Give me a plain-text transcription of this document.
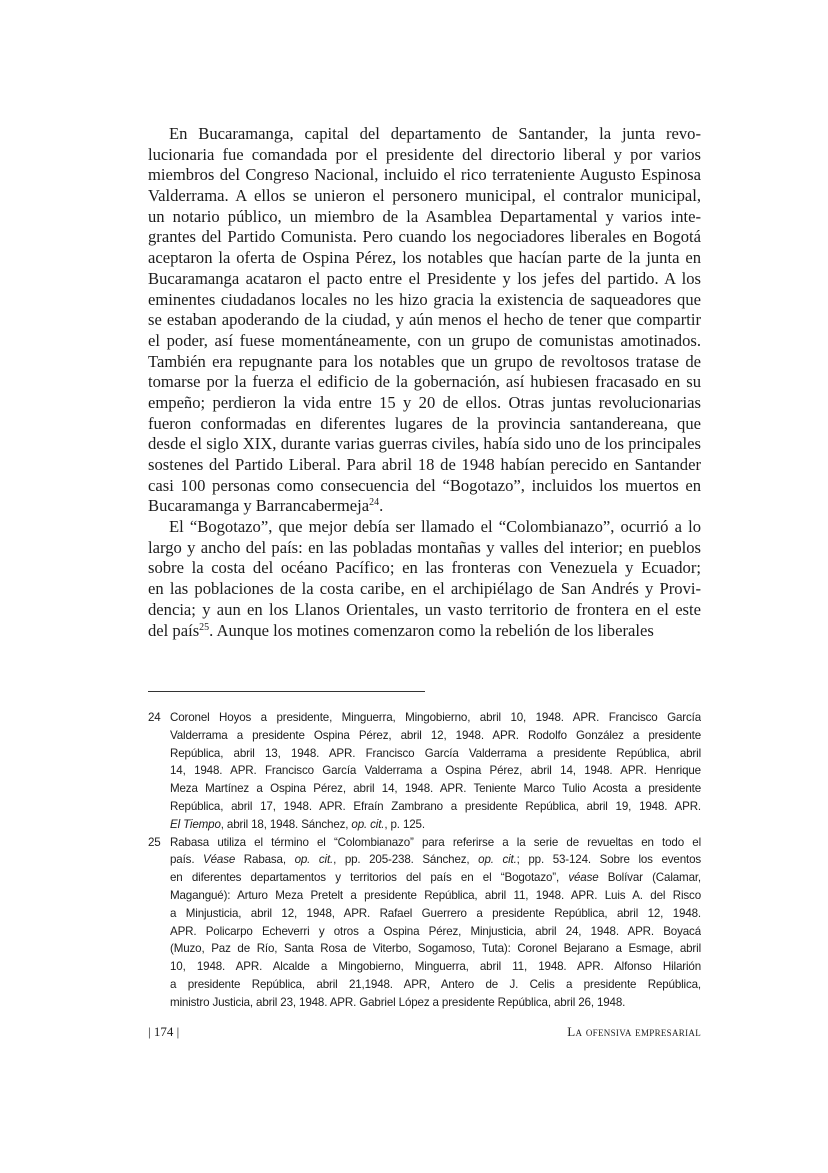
En Bucaramanga, capital del departamento de Santander, la junta revo-
lucionaria fue comandada por el presidente del directorio liberal y por varios
miembros del Congreso Nacional, incluido el rico terrateniente Augusto Espinosa
Valderrama. A ellos se unieron el personero municipal, el contralor municipal,
un notario público, un miembro de la Asamblea Departamental y varios inte-
grantes del Partido Comunista. Pero cuando los negociadores liberales en Bogotá
aceptaron la oferta de Ospina Pérez, los notables que hacían parte de la junta en
Bucaramanga acataron el pacto entre el Presidente y los jefes del partido. A los
eminentes ciudadanos locales no les hizo gracia la existencia de saqueadores que
se estaban apoderando de la ciudad, y aún menos el hecho de tener que compartir
el poder, así fuese momentáneamente, con un grupo de comunistas amotinados.
También era repugnante para los notables que un grupo de revoltosos tratase de
tomarse por la fuerza el edificio de la gobernación, así hubiesen fracasado en su
empeño; perdieron la vida entre 15 y 20 de ellos. Otras juntas revolucionarias
fueron conformadas en diferentes lugares de la provincia santandereana, que
desde el siglo XIX, durante varias guerras civiles, había sido uno de los principales
sostenes del Partido Liberal. Para abril 18 de 1948 habían perecido en Santander
casi 100 personas como consecuencia del “Bogotazo”, incluidos los muertos en
Bucaramanga y Barrancabermeja$^{24}$.
El “Bogotazo”, que mejor debía ser llamado el “Colombianazo”, ocurrió a lo
largo y ancho del país: en las pobladas montañas y valles del interior; en pueblos
sobre la costa del océano Pacífico; en las fronteras con Venezuela y Ecuador;
en las poblaciones de la costa caribe, en el archipiélago de San Andrés y Provi-
dencia; y aun en los Llanos Orientales, un vasto territorio de frontera en el este
del país$^{25}$. Aunque los motines comenzaron como la rebelión de los liberales
24 Coronel Hoyos a presidente, Minguerra, Mingobierno, abril 10, 1948. APR. Francisco García
Valderrama a presidente Ospina Pérez, abril 12, 1948. APR. Rodolfo González a presidente
República, abril 13, 1948. APR. Francisco García Valderrama a presidente República, abril
14, 1948. APR. Francisco García Valderrama a Ospina Pérez, abril 14, 1948. APR. Henrique
Meza Martínez a Ospina Pérez, abril 14, 1948. APR. Teniente Marco Tulio Acosta a presidente
República, abril 17, 1948. APR. Efraín Zambrano a presidente República, abril 19, 1948. APR.
El Tiempo, abril 18, 1948. Sánchez, op. cit., p. 125.
25 Rabasa utiliza el término el “Colombianazo” para referirse a la serie de revueltas en todo el
país. Véase Rabasa, op. cit., pp. 205-238. Sánchez, op. cit.; pp. 53-124. Sobre los eventos
en diferentes departamentos y territorios del país en el “Bogotazo”, véase Bolívar (Calamar,
Magangué): Arturo Meza Pretelt a presidente República, abril 11, 1948. APR. Luis A. del Risco
a Minjusticia, abril 12, 1948, APR. Rafael Guerrero a presidente República, abril 12, 1948.
APR. Policarpo Echeverri y otros a Ospina Pérez, Minjusticia, abril 24, 1948. APR. Boyacá
(Muzo, Paz de Río, Santa Rosa de Viterbo, Sogamoso, Tuta): Coronel Bejarano a Esmage, abril
10, 1948. APR. Alcalde a Mingobierno, Minguerra, abril 11, 1948. APR. Alfonso Hilarión
a presidente República, abril 21,1948. APR, Antero de J. Celis a presidente República,
ministro Justicia, abril 23, 1948. APR. Gabriel López a presidente República, abril 26, 1948.
| 174 |	La ofensiva empresarial
